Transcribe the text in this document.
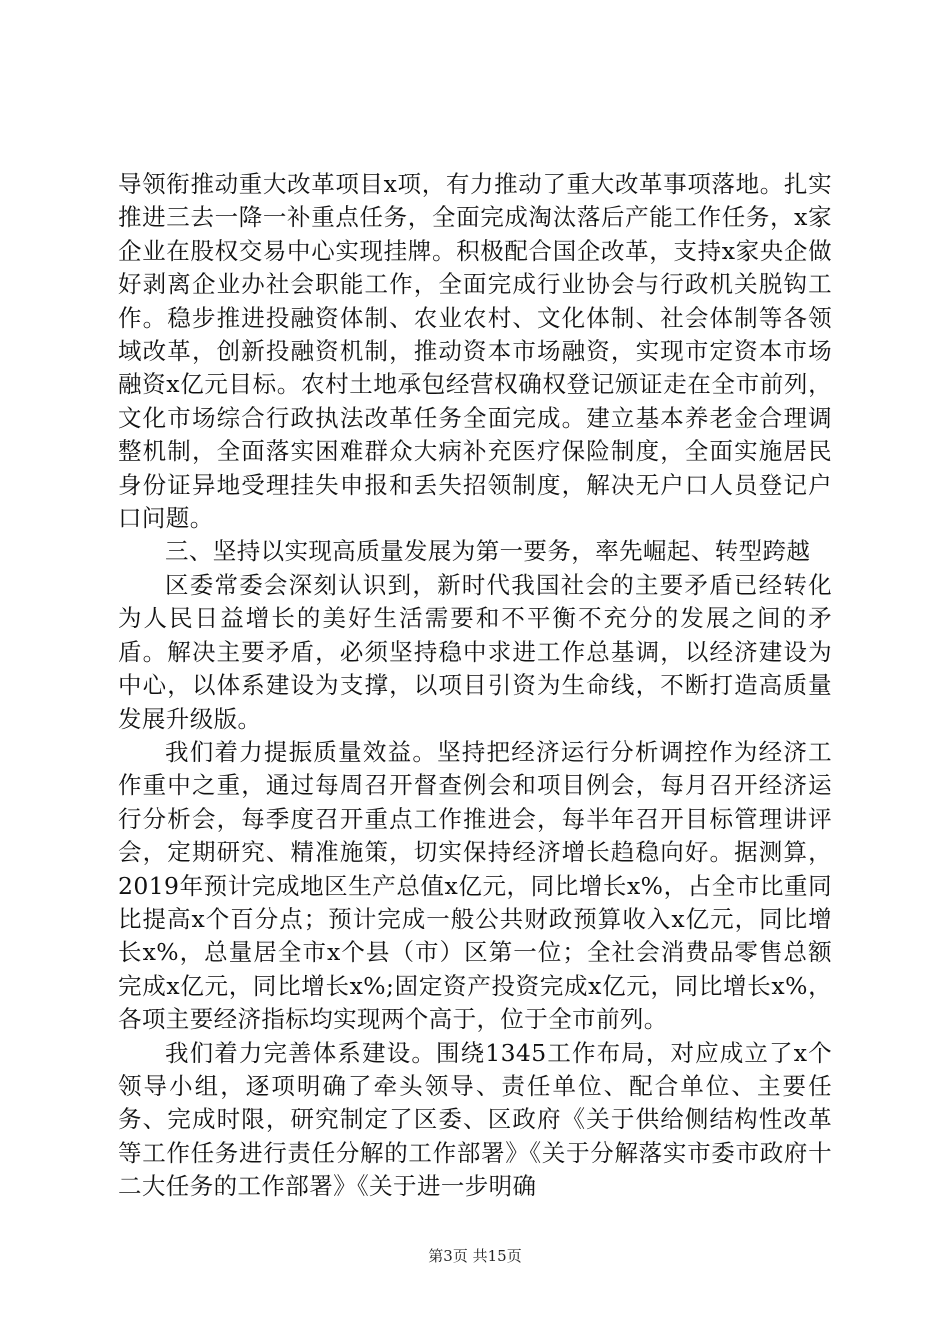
导领衔推动重大改革项目x项，有力推动了重大改革事项落地。扎实推进三去一降一补重点任务，全面完成淘汰落后产能工作任务，x家企业在股权交易中心实现挂牌。积极配合国企改革，支持x家央企做好剥离企业办社会职能工作，全面完成行业协会与行政机关脱钩工作。稳步推进投融资体制、农业农村、文化体制、社会体制等各领域改革，创新投融资机制，推动资本市场融资，实现市定资本市场融资x亿元目标。农村土地承包经营权确权登记颁证走在全市前列，文化市场综合行政执法改革任务全面完成。建立基本养老金合理调整机制，全面落实困难群众大病补充医疗保险制度，全面实施居民身份证异地受理挂失申报和丢失招领制度，解决无户口人员登记户口问题。

三、坚持以实现高质量发展为第一要务，率先崛起、转型跨越

区委常委会深刻认识到，新时代我国社会的主要矛盾已经转化为人民日益增长的美好生活需要和不平衡不充分的发展之间的矛盾。解决主要矛盾，必须坚持稳中求进工作总基调，以经济建设为中心，以体系建设为支撑，以项目引资为生命线，不断打造高质量发展升级版。

我们着力提振质量效益。坚持把经济运行分析调控作为经济工作重中之重，通过每周召开督查例会和项目例会，每月召开经济运行分析会，每季度召开重点工作推进会，每半年召开目标管理讲评会，定期研究、精准施策，切实保持经济增长趋稳向好。据测算，2019年预计完成地区生产总值x亿元，同比增长x%，占全市比重同比提高x个百分点；预计完成一般公共财政预算收入x亿元，同比增长x%，总量居全市x个县（市）区第一位；全社会消费品零售总额完成x亿元，同比增长x%;固定资产投资完成x亿元，同比增长x%，各项主要经济指标均实现两个高于，位于全市前列。

我们着力完善体系建设。围绕1345工作布局，对应成立了x个领导小组，逐项明确了牵头领导、责任单位、配合单位、主要任务、完成时限，研究制定了区委、区政府《关于供给侧结构性改革等工作任务进行责任分解的工作部署》《关于分解落实市委市政府十二大任务的工作部署》《关于进一步明确

第3页 共15页
